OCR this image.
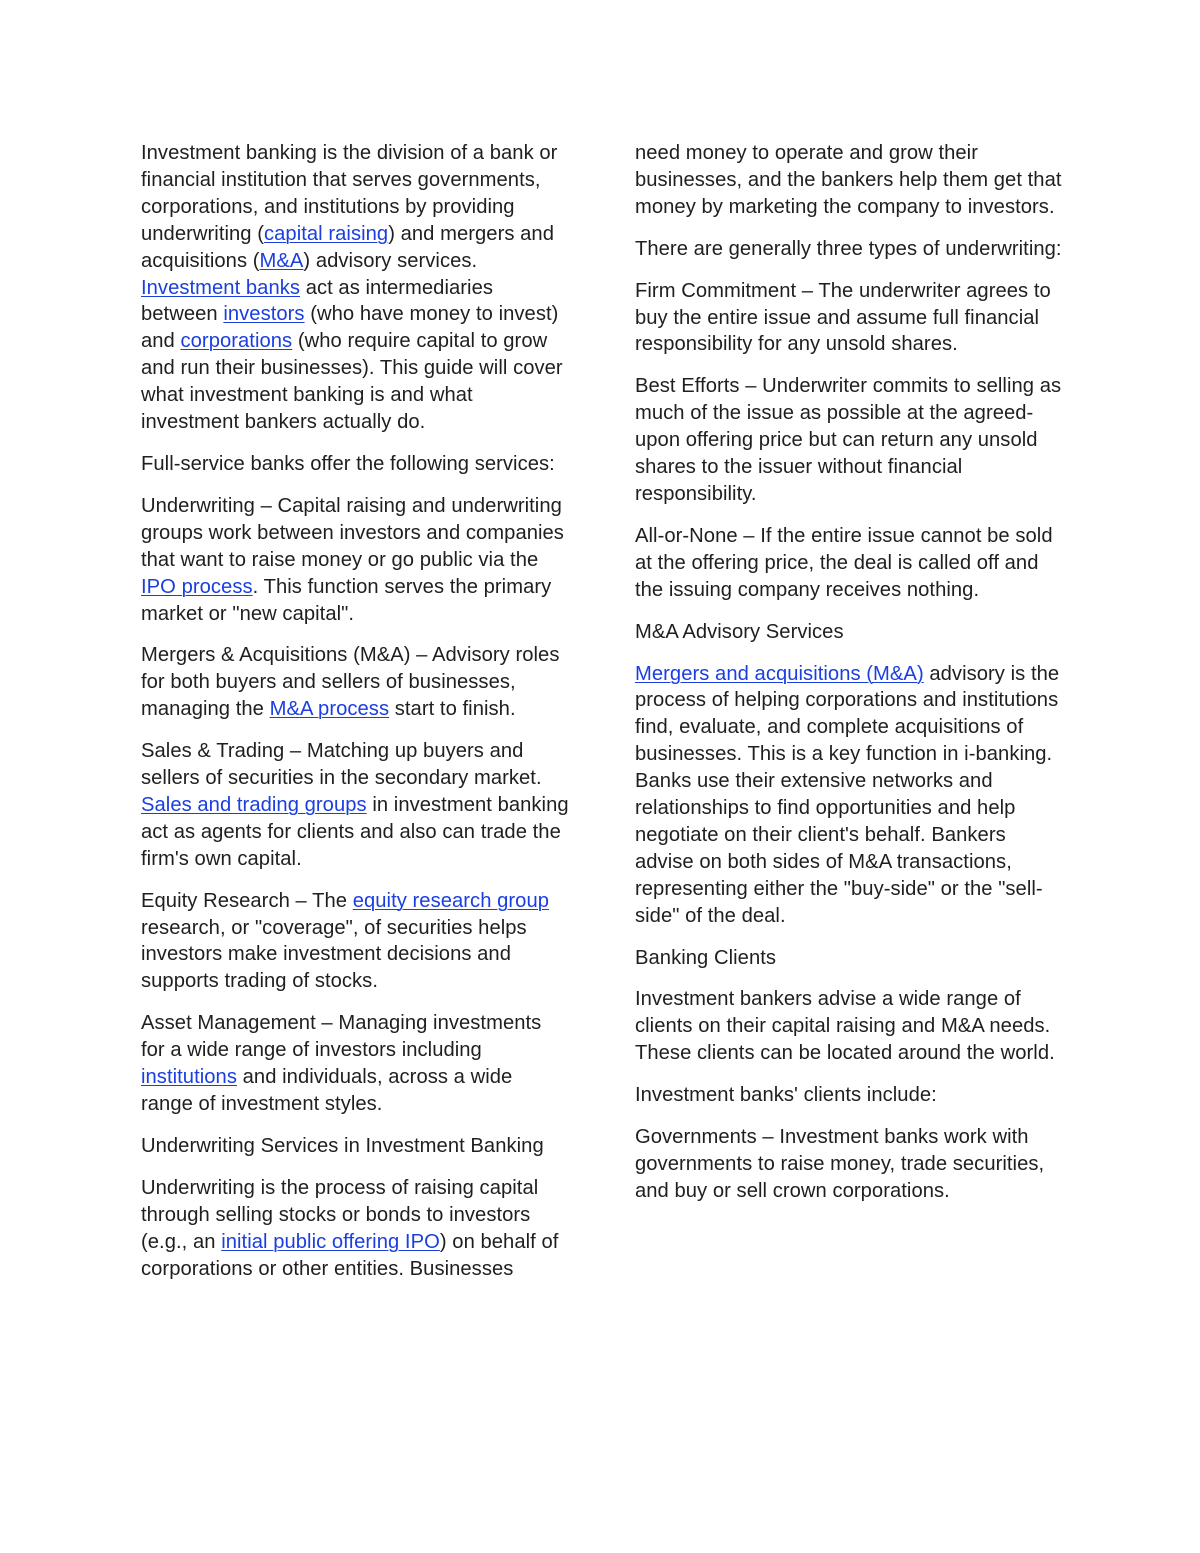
Investment banking is the division of a bank or financial institution that serves governments, corporations, and institutions by providing underwriting (capital raising) and mergers and acquisitions (M&A) advisory services. Investment banks act as intermediaries between investors (who have money to invest) and corporations (who require capital to grow and run their businesses). This guide will cover what investment banking is and what investment bankers actually do.

Full-service banks offer the following services:

Underwriting – Capital raising and underwriting groups work between investors and companies that want to raise money or go public via the IPO process. This function serves the primary market or "new capital".

Mergers & Acquisitions (M&A) – Advisory roles for both buyers and sellers of businesses, managing the M&A process start to finish.

Sales & Trading – Matching up buyers and sellers of securities in the secondary market.  Sales and trading groups in investment banking act as agents for clients and also can trade the firm's own capital.

Equity Research – The equity research group research, or "coverage", of securities helps investors make investment decisions and supports trading of stocks.

Asset Management – Managing investments for a wide range of investors including institutions and individuals, across a wide range of investment styles.

Underwriting Services in Investment Banking

Underwriting is the process of raising capital through selling stocks or bonds to investors (e.g., an initial public offering IPO) on behalf of corporations or other entities. Businesses

need money to operate and grow their businesses, and the bankers help them get that money by marketing the company to investors.

There are generally three types of underwriting:

Firm Commitment – The underwriter agrees to buy the entire issue and assume full financial responsibility for any unsold shares.

Best Efforts – Underwriter commits to selling as much of the issue as possible at the agreed-upon offering price but can return any unsold shares to the issuer without financial responsibility.

All-or-None – If the entire issue cannot be sold at the offering price, the deal is called off and the issuing company receives nothing.

M&A Advisory Services

Mergers and acquisitions (M&A) advisory is the process of helping corporations and institutions find, evaluate, and complete acquisitions of businesses. This is a key function in i-banking. Banks use their extensive networks and relationships to find opportunities and help negotiate on their client's behalf. Bankers advise on both sides of M&A transactions, representing either the "buy-side" or the "sell-side" of the deal.

Banking Clients

Investment bankers advise a wide range of clients on their capital raising and M&A needs. These clients can be located around the world.

Investment banks' clients include:

Governments – Investment banks work with governments to raise money, trade securities, and buy or sell crown corporations.
